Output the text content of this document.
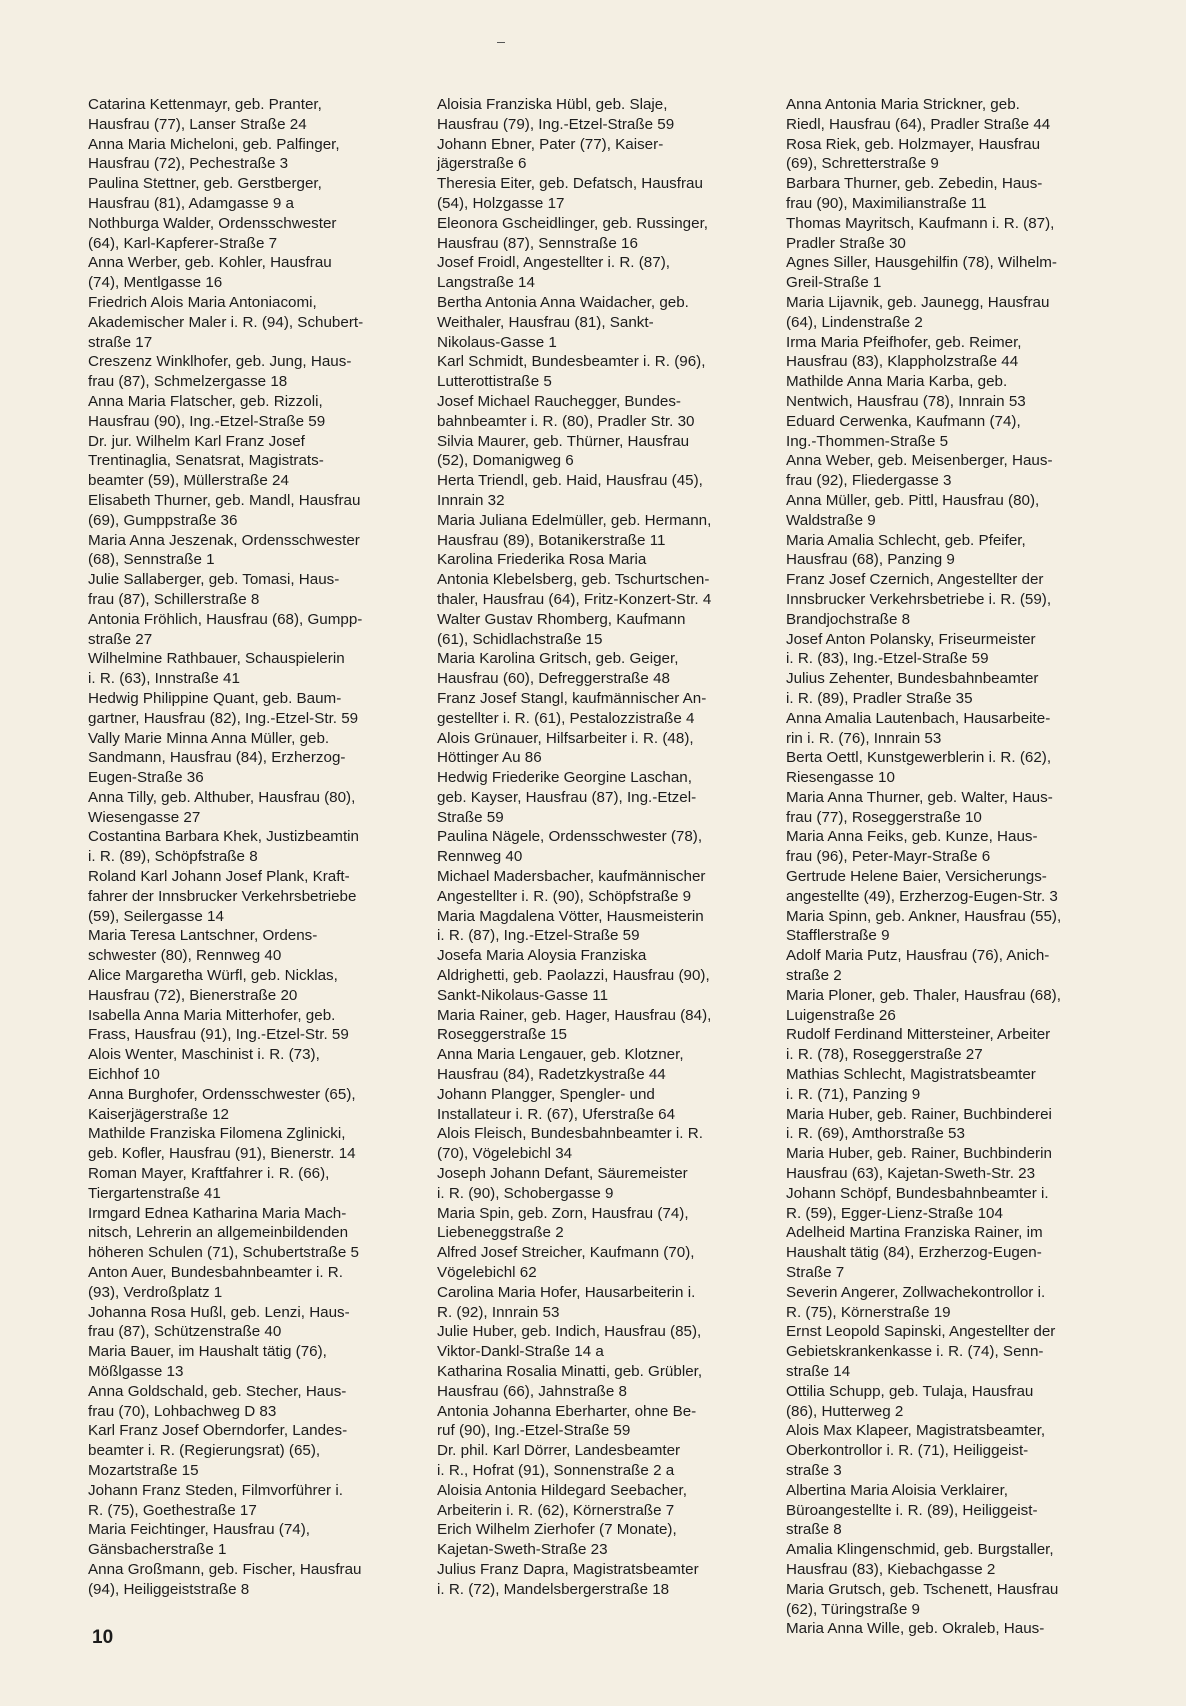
Catarina Kettenmayr, geb. Pranter,
Hausfrau (77), Lanser Straße 24
Anna Maria Micheloni, geb. Palfinger,
Hausfrau (72), Pechestraße 3
Paulina Stettner, geb. Gerstberger,
Hausfrau (81), Adamgasse 9 a
Nothburga Walder, Ordensschwester
(64), Karl-Kapferer-Straße 7
Anna Werber, geb. Kohler, Hausfrau
(74), Mentlgasse 16
Friedrich Alois Maria Antoniacomi,
Akademischer Maler i. R. (94), Schubert-
straße 17
Creszenz Winklhofer, geb. Jung, Haus-
frau (87), Schmelzergasse 18
Anna Maria Flatscher, geb. Rizzoli,
Hausfrau (90), Ing.-Etzel-Straße 59
Dr. jur. Wilhelm Karl Franz Josef
Trentinaglia, Senatsrat, Magistrats-
beamter (59), Müllerstraße 24
Elisabeth Thurner, geb. Mandl, Hausfrau
(69), Gumppstraße 36
Maria Anna Jeszenak, Ordensschwester
(68), Sennstraße 1
Julie Sallaberger, geb. Tomasi, Haus-
frau (87), Schillerstraße 8
Antonia Fröhlich, Hausfrau (68), Gumpp-
straße 27
Wilhelmine Rathbauer, Schauspielerin
i. R. (63), Innstraße 41
Hedwig Philippine Quant, geb. Baum-
gartner, Hausfrau (82), Ing.-Etzel-Str. 59
Vally Marie Minna Anna Müller, geb.
Sandmann, Hausfrau (84), Erzherzog-
Eugen-Straße 36
Anna Tilly, geb. Althuber, Hausfrau (80),
Wiesengasse 27
Costantina Barbara Khek, Justizbeamtin
i. R. (89), Schöpfstraße 8
Roland Karl Johann Josef Plank, Kraft-
fahrer der Innsbrucker Verkehrsbetriebe
(59), Seilergasse 14
Maria Teresa Lantschner, Ordens-
schwester (80), Rennweg 40
Alice Margaretha Würfl, geb. Nicklas,
Hausfrau (72), Bienerstraße 20
Isabella Anna Maria Mitterhofer, geb.
Frass, Hausfrau (91), Ing.-Etzel-Str. 59
Alois Wenter, Maschinist i. R. (73),
Eichhof 10
Anna Burghofer, Ordensschwester (65),
Kaiserjägerstraße 12
Mathilde Franziska Filomena Zglinicki,
geb. Kofler, Hausfrau (91), Bienerstr. 14
Roman Mayer, Kraftfahrer i. R. (66),
Tiergartenstraße 41
Irmgard Ednea Katharina Maria Mach-
nitsch, Lehrerin an allgemeinbildenden
höheren Schulen (71), Schubertstraße 5
Anton Auer, Bundesbahnbeamter i. R.
(93), Verdroßplatz 1
Johanna Rosa Hußl, geb. Lenzi, Haus-
frau (87), Schützenstraße 40
Maria Bauer, im Haushalt tätig (76),
Mößlgasse 13
Anna Goldschald, geb. Stecher, Haus-
frau (70), Lohbachweg D 83
Karl Franz Josef Oberndorfer, Landes-
beamter i. R. (Regierungsrat) (65),
Mozartstraße 15
Johann Franz Steden, Filmvorführer i.
R. (75), Goethestraße 17
Maria Feichtinger, Hausfrau (74),
Gänsbacherstraße 1
Anna Großmann, geb. Fischer, Hausfrau
(94), Heiliggeiststraße 8
Aloisia Franziska Hübl, geb. Slaje,
Hausfrau (79), Ing.-Etzel-Straße 59
Johann Ebner, Pater (77), Kaiser-
jägerstraße 6
Theresia Eiter, geb. Defatsch, Hausfrau
(54), Holzgasse 17
Eleonora Gscheidlinger, geb. Russinger,
Hausfrau (87), Sennstraße 16
Josef Froidl, Angestellter i. R. (87),
Langstraße 14
Bertha Antonia Anna Waidacher, geb.
Weithaler, Hausfrau (81), Sankt-
Nikolaus-Gasse 1
Karl Schmidt, Bundesbeamter i. R. (96),
Lutterottistraße 5
Josef Michael Rauchegger, Bundes-
bahnbeamter i. R. (80), Pradler Str. 30
Silvia Maurer, geb. Thürner, Hausfrau
(52), Domanigweg 6
Herta Triendl, geb. Haid, Hausfrau (45),
Innrain 32
Maria Juliana Edelmüller, geb. Hermann,
Hausfrau (89), Botanikerstraße 11
Karolina Friederika Rosa Maria
Antonia Klebelsberg, geb. Tschurtschen-
thaler, Hausfrau (64), Fritz-Konzert-Str. 4
Walter Gustav Rhomberg, Kaufmann
(61), Schidlachstraße 15
Maria Karolina Gritsch, geb. Geiger,
Hausfrau (60), Defreggerstraße 48
Franz Josef Stangl, kaufmännischer An-
gestellter i. R. (61), Pestalozzistraße 4
Alois Grünauer, Hilfsarbeiter i. R. (48),
Höttinger Au 86
Hedwig Friederike Georgine Laschan,
geb. Kayser, Hausfrau (87), Ing.-Etzel-
Straße 59
Paulina Nägele, Ordensschwester (78),
Rennweg 40
Michael Madersbacher, kaufmännischer
Angestellter i. R. (90), Schöpfstraße 9
Maria Magdalena Vötter, Hausmeisterin
i. R. (87), Ing.-Etzel-Straße 59
Josefa Maria Aloysia Franziska
Aldrighetti, geb. Paolazzi, Hausfrau (90),
Sankt-Nikolaus-Gasse 11
Maria Rainer, geb. Hager, Hausfrau (84),
Roseggerstraße 15
Anna Maria Lengauer, geb. Klotzner,
Hausfrau (84), Radetzkystraße 44
Johann Plangger, Spengler- und
Installateur i. R. (67), Uferstraße 64
Alois Fleisch, Bundesbahnbeamter i. R.
(70), Vögelebichl 34
Joseph Johann Defant, Säuremeister
i. R. (90), Schobergasse 9
Maria Spin, geb. Zorn, Hausfrau (74),
Liebeneggstraße 2
Alfred Josef Streicher, Kaufmann (70),
Vögelebichl 62
Carolina Maria Hofer, Hausarbeiterin i.
R. (92), Innrain 53
Julie Huber, geb. Indich, Hausfrau (85),
Viktor-Dankl-Straße 14 a
Katharina Rosalia Minatti, geb. Grübler,
Hausfrau (66), Jahnstraße 8
Antonia Johanna Eberharter, ohne Be-
ruf (90), Ing.-Etzel-Straße 59
Dr. phil. Karl Dörrer, Landesbeamter
i. R., Hofrat (91), Sonnenstraße 2 a
Aloisia Antonia Hildegard Seebacher,
Arbeiterin i. R. (62), Körnerstraße 7
Erich Wilhelm Zierhofer (7 Monate),
Kajetan-Sweth-Straße 23
Julius Franz Dapra, Magistratsbeamter
i. R. (72), Mandelsbergerstraße 18
Anna Antonia Maria Strickner, geb.
Riedl, Hausfrau (64), Pradler Straße 44
Rosa Riek, geb. Holzmayer, Hausfrau
(69), Schretterstraße 9
Barbara Thurner, geb. Zebedin, Haus-
frau (90), Maximilianstraße 11
Thomas Mayritsch, Kaufmann i. R. (87),
Pradler Straße 30
Agnes Siller, Hausgehilfin (78), Wilhelm-
Greil-Straße 1
Maria Lijavnik, geb. Jaunegg, Hausfrau
(64), Lindenstraße 2
Irma Maria Pfeifhofer, geb. Reimer,
Hausfrau (83), Klappholzstraße 44
Mathilde Anna Maria Karba, geb.
Nentwich, Hausfrau (78), Innrain 53
Eduard Cerwenka, Kaufmann (74),
Ing.-Thommen-Straße 5
Anna Weber, geb. Meisenberger, Haus-
frau (92), Fliedergasse 3
Anna Müller, geb. Pittl, Hausfrau (80),
Waldstraße 9
Maria Amalia Schlecht, geb. Pfeifer,
Hausfrau (68), Panzing 9
Franz Josef Czernich, Angestellter der
Innsbrucker Verkehrsbetriebe i. R. (59),
Brandjochstraße 8
Josef Anton Polansky, Friseurmeister
i. R. (83), Ing.-Etzel-Straße 59
Julius Zehenter, Bundesbahnbeamter
i. R. (89), Pradler Straße 35
Anna Amalia Lautenbach, Hausarbeite-
rin i. R. (76), Innrain 53
Berta Oettl, Kunstgewerblerin i. R. (62),
Riesengasse 10
Maria Anna Thurner, geb. Walter, Haus-
frau (77), Roseggerstraße 10
Maria Anna Feiks, geb. Kunze, Haus-
frau (96), Peter-Mayr-Straße 6
Gertrude Helene Baier, Versicherungs-
angestellte (49), Erzherzog-Eugen-Str. 3
Maria Spinn, geb. Ankner, Hausfrau (55),
Stafflerstraße 9
Adolf Maria Putz, Hausfrau (76), Anich-
straße 2
Maria Ploner, geb. Thaler, Hausfrau (68),
Luigenstraße 26
Rudolf Ferdinand Mittersteiner, Arbeiter
i. R. (78), Roseggerstraße 27
Mathias Schlecht, Magistratsbeamter
i. R. (71), Panzing 9
Maria Huber, geb. Rainer, Buchbinderei
i. R. (69), Amthorstraße 53
Maria Huber, geb. Rainer, Buchbinderin
Hausfrau (63), Kajetan-Sweth-Str. 23
Johann Schöpf, Bundesbahnbeamter i.
R. (59), Egger-Lienz-Straße 104
Adelheid Martina Franziska Rainer, im
Haushalt tätig (84), Erzherzog-Eugen-
Straße 7
Severin Angerer, Zollwachekontrollor i.
R. (75), Körnerstraße 19
Ernst Leopold Sapinski, Angestellter der
Gebietskrankenkasse i. R. (74), Senn-
straße 14
Ottilia Schupp, geb. Tulaja, Hausfrau
(86), Hutterweg 2
Alois Max Klapeer, Magistratsbeamter,
Oberkontrollor i. R. (71), Heiliggeist-
straße 3
Albertina Maria Aloisia Verklairer,
Büroangestellte i. R. (89), Heiliggeist-
straße 8
Amalia Klingenschmid, geb. Burgstaller,
Hausfrau (83), Kiebachgasse 2
Maria Grutsch, geb. Tschenett, Hausfrau
(62), Türingstraße 9
Maria Anna Wille, geb. Okraleb, Haus-
10
